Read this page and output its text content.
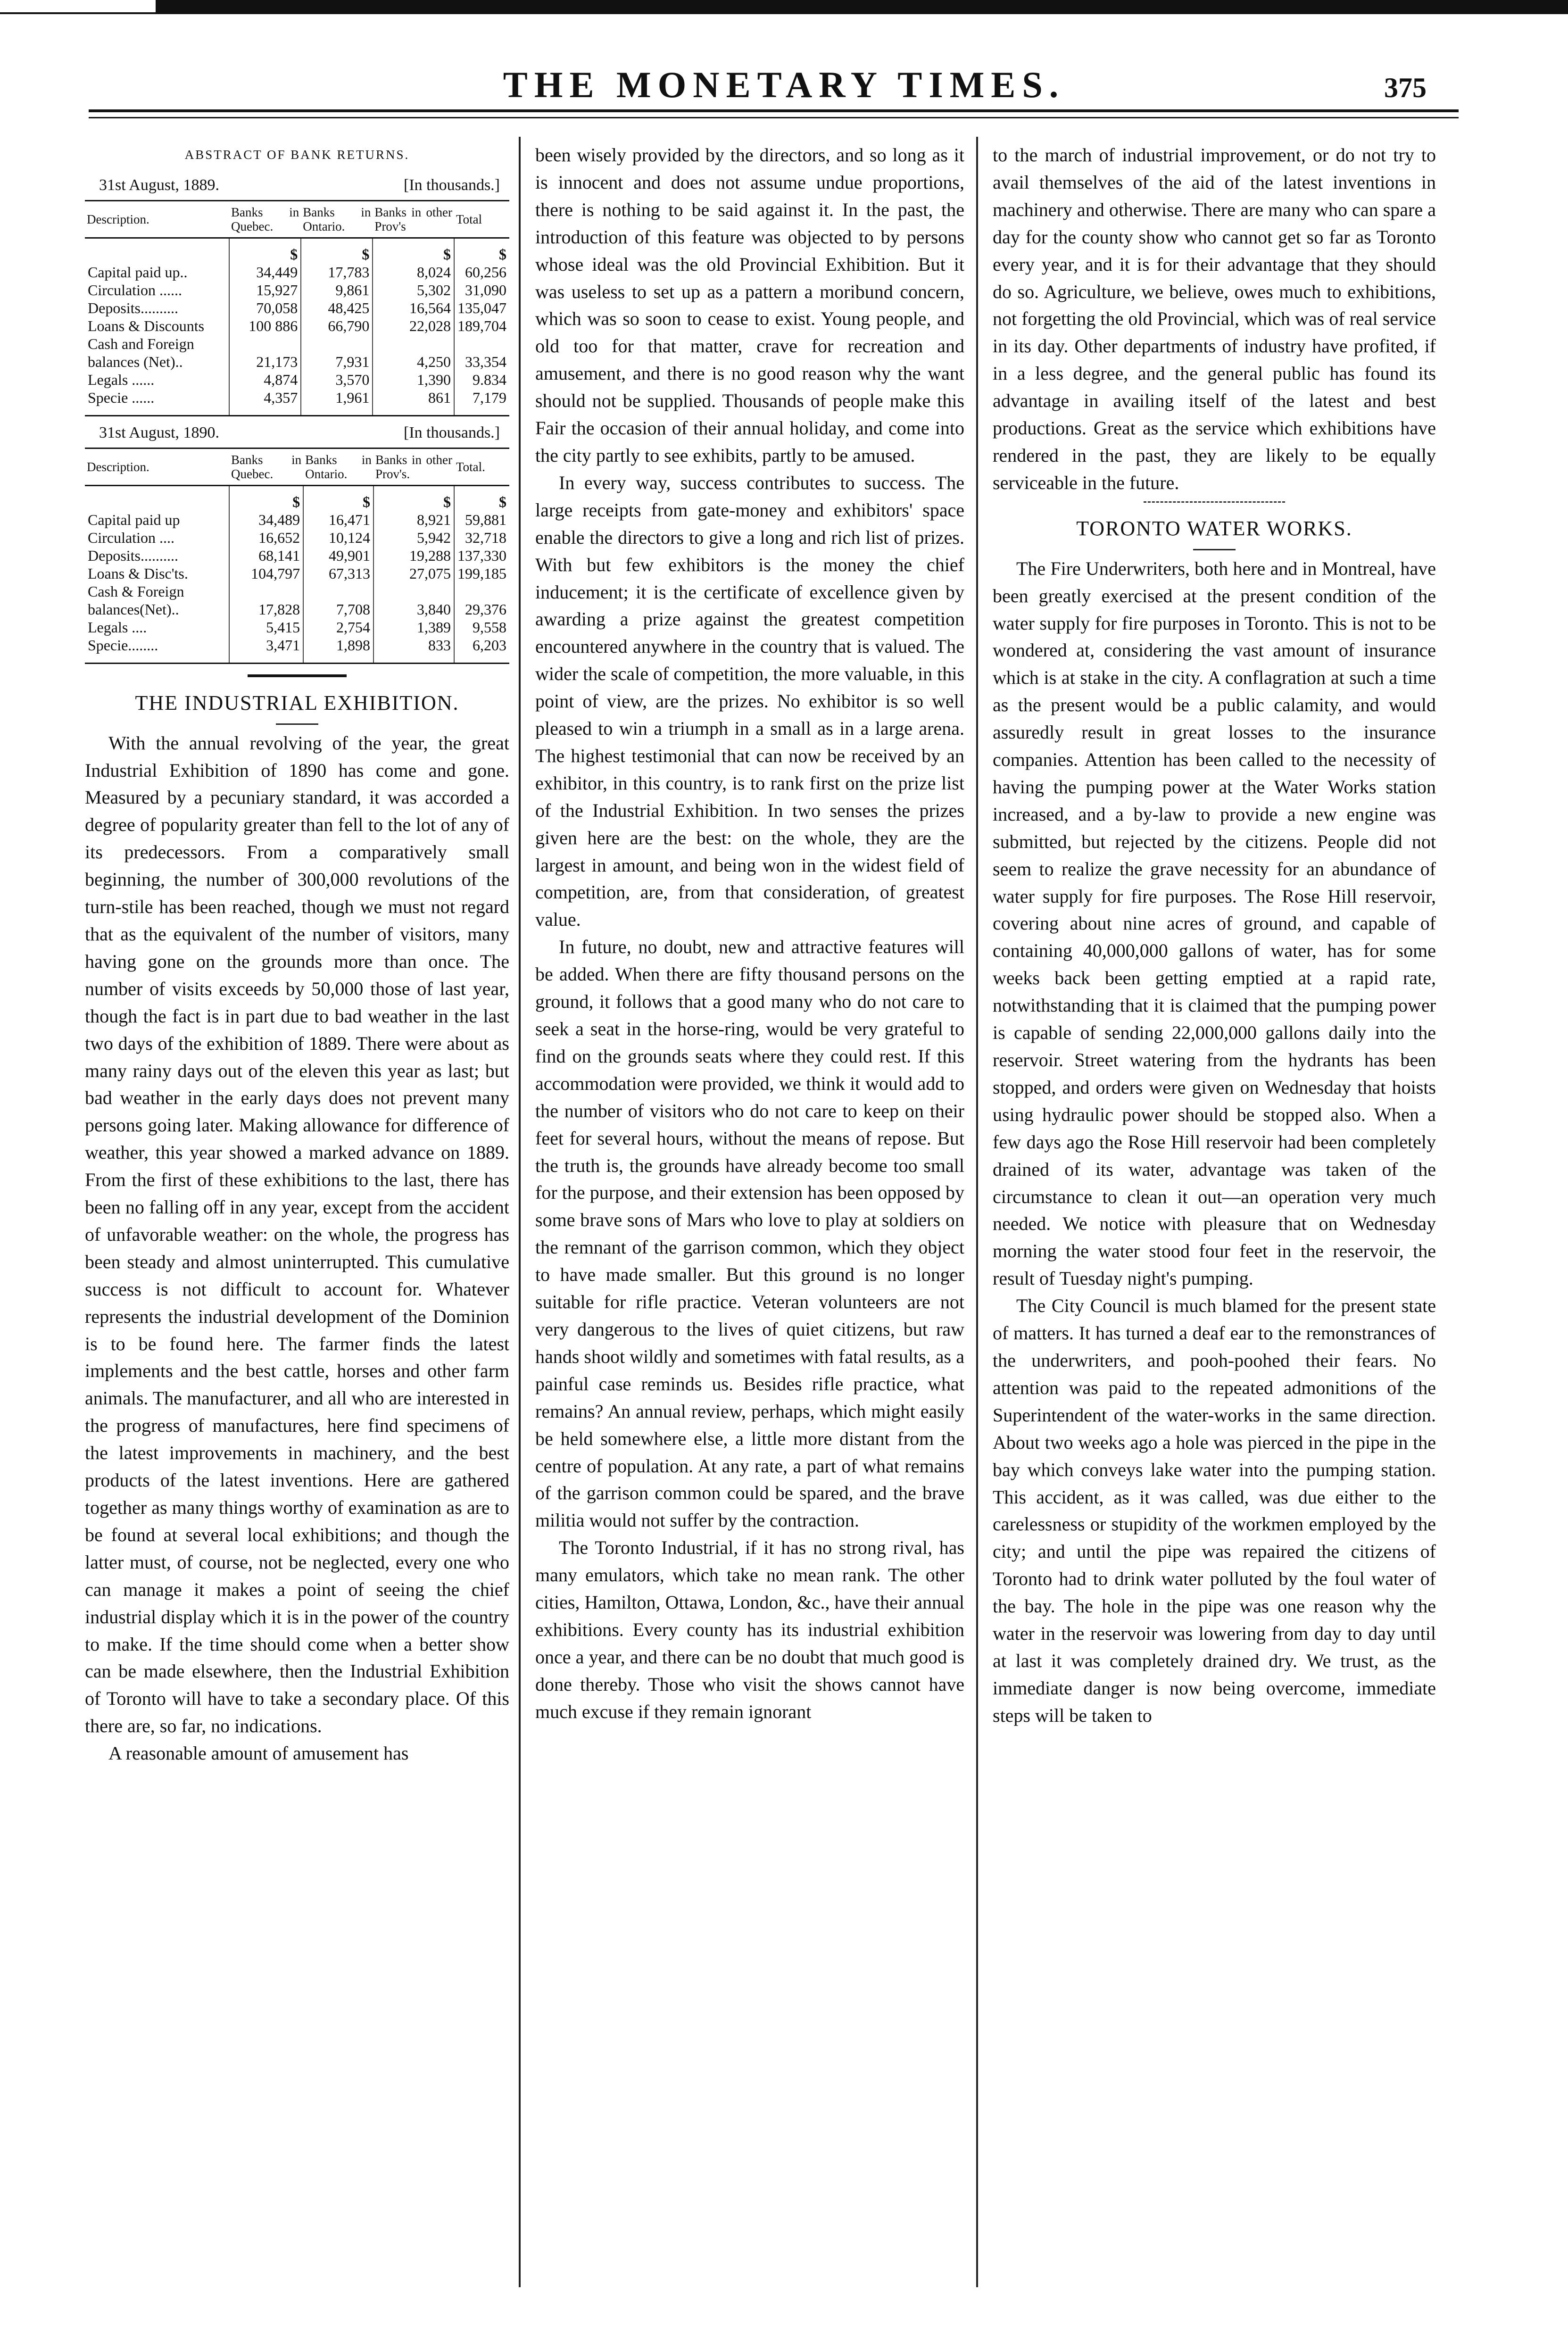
THE MONETARY TIMES.	375
ABSTRACT OF BANK RETURNS.
31st August, 1889.	[In thousands.]
Description.	Banks in Quebec.	Banks in Ontario.	Banks in other Prov's	Total
	$	$	$	$
Capital paid up..	34,449	17,783	8,024	60,256
Circulation ......	15,927	9,861	5,302	31,090
Deposits..........	70,058	48,425	16,564	135,047
Loans & Discounts	100 886	66,790	22,028	189,704
Cash and Foreign				
balances (Net)..	21,173	7,931	4,250	33,354
Legals ......	4,874	3,570	1,390	9.834
Specie ......	4,357	1,961	861	7,179
31st August, 1890.	[In thousands.]
Description.	Banks in Quebec.	Banks in Ontario.	Banks in other Prov's.	Total.
	$	$	$	$
Capital paid up	34,489	16,471	8,921	59,881
Circulation ....	16,652	10,124	5,942	32,718
Deposits..........	68,141	49,901	19,288	137,330
Loans & Disc'ts.	104,797	67,313	27,075	199,185
Cash & Foreign				
balances(Net)..	17,828	7,708	3,840	29,376
Legals ....	5,415	2,754	1,389	9,558
Specie........	3,471	1,898	833	6,203
THE INDUSTRIAL EXHIBITION.

With the annual revolving of the year, the great Industrial Exhibition of 1890 has come and gone. Measured by a pecuniary standard, it was accorded a degree of popularity greater than fell to the lot of any of its predecessors. From a comparatively small beginning, the number of 300,000 revolutions of the turn-stile has been reached, though we must not regard that as the equivalent of the number of visitors, many having gone on the grounds more than once. The number of visits exceeds by 50,000 those of last year, though the fact is in part due to bad weather in the last two days of the exhibition of 1889. There were about as many rainy days out of the eleven this year as last; but bad weather in the early days does not prevent many persons going later. Making allowance for difference of weather, this year showed a marked advance on 1889. From the first of these exhibitions to the last, there has been no falling off in any year, except from the accident of unfavorable weather: on the whole, the progress has been steady and almost uninterrupted. This cumulative success is not difficult to account for. Whatever represents the industrial development of the Dominion is to be found here. The farmer finds the latest implements and the best cattle, horses and other farm animals. The manufacturer, and all who are interested in the progress of manufactures, here find specimens of the latest improvements in machinery, and the best products of the latest inventions. Here are gathered together as many things worthy of examination as are to be found at several local exhibitions; and though the latter must, of course, not be neglected, every one who can manage it makes a point of seeing the chief industrial display which it is in the power of the country to make. If the time should come when a better show can be made elsewhere, then the Industrial Exhibition of Toronto will have to take a secondary place. Of this there are, so far, no indications.

A reasonable amount of amusement has

been wisely provided by the directors, and so long as it is innocent and does not assume undue proportions, there is nothing to be said against it. In the past, the introduction of this feature was objected to by persons whose ideal was the old Provincial Exhibition. But it was useless to set up as a pattern a moribund concern, which was so soon to cease to exist. Young people, and old too for that matter, crave for recreation and amusement, and there is no good reason why the want should not be supplied. Thousands of people make this Fair the occasion of their annual holiday, and come into the city partly to see exhibits, partly to be amused.

In every way, success contributes to success. The large receipts from gate-money and exhibitors' space enable the directors to give a long and rich list of prizes. With but few exhibitors is the money the chief inducement; it is the certificate of excellence given by awarding a prize against the greatest competition encountered anywhere in the country that is valued. The wider the scale of competition, the more valuable, in this point of view, are the prizes. No exhibitor is so well pleased to win a triumph in a small as in a large arena. The highest testimonial that can now be received by an exhibitor, in this country, is to rank first on the prize list of the Industrial Exhibition. In two senses the prizes given here are the best: on the whole, they are the largest in amount, and being won in the widest field of competition, are, from that consideration, of greatest value.

In future, no doubt, new and attractive features will be added. When there are fifty thousand persons on the ground, it follows that a good many who do not care to seek a seat in the horse-ring, would be very grateful to find on the grounds seats where they could rest. If this accommodation were provided, we think it would add to the number of visitors who do not care to keep on their feet for several hours, without the means of repose. But the truth is, the grounds have already become too small for the purpose, and their extension has been opposed by some brave sons of Mars who love to play at soldiers on the remnant of the garrison common, which they object to have made smaller. But this ground is no longer suitable for rifle practice. Veteran volunteers are not very dangerous to the lives of quiet citizens, but raw hands shoot wildly and sometimes with fatal results, as a painful case reminds us. Besides rifle practice, what remains? An annual review, perhaps, which might easily be held somewhere else, a little more distant from the centre of population. At any rate, a part of what remains of the garrison common could be spared, and the brave militia would not suffer by the contraction.

The Toronto Industrial, if it has no strong rival, has many emulators, which take no mean rank. The other cities, Hamilton, Ottawa, London, &c., have their annual exhibitions. Every county has its industrial exhibition once a year, and there can be no doubt that much good is done thereby. Those who visit the shows cannot have much excuse if they remain ignorant

to the march of industrial improvement, or do not try to avail themselves of the aid of the latest inventions in machinery and otherwise. There are many who can spare a day for the county show who cannot get so far as Toronto every year, and it is for their advantage that they should do so. Agriculture, we believe, owes much to exhibitions, not forgetting the old Provincial, which was of real service in its day. Other departments of industry have profited, if in a less degree, and the general public has found its advantage in availing itself of the latest and best productions. Great as the service which exhibitions have rendered in the past, they are likely to be equally serviceable in the future.

TORONTO WATER WORKS.

The Fire Underwriters, both here and in Montreal, have been greatly exercised at the present condition of the water supply for fire purposes in Toronto. This is not to be wondered at, considering the vast amount of insurance which is at stake in the city. A conflagration at such a time as the present would be a public calamity, and would assuredly result in great losses to the insurance companies. Attention has been called to the necessity of having the pumping power at the Water Works station increased, and a by-law to provide a new engine was submitted, but rejected by the citizens. People did not seem to realize the grave necessity for an abundance of water supply for fire purposes. The Rose Hill reservoir, covering about nine acres of ground, and capable of containing 40,000,000 gallons of water, has for some weeks back been getting emptied at a rapid rate, notwithstanding that it is claimed that the pumping power is capable of sending 22,000,000 gallons daily into the reservoir. Street watering from the hydrants has been stopped, and orders were given on Wednesday that hoists using hydraulic power should be stopped also. When a few days ago the Rose Hill reservoir had been completely drained of its water, advantage was taken of the circumstance to clean it out—an operation very much needed. We notice with pleasure that on Wednesday morning the water stood four feet in the reservoir, the result of Tuesday night's pumping.

The City Council is much blamed for the present state of matters. It has turned a deaf ear to the remonstrances of the underwriters, and pooh-poohed their fears. No attention was paid to the repeated admonitions of the Superintendent of the water-works in the same direction. About two weeks ago a hole was pierced in the pipe in the bay which conveys lake water into the pumping station. This accident, as it was called, was due either to the carelessness or stupidity of the workmen employed by the city; and until the pipe was repaired the citizens of Toronto had to drink water polluted by the foul water of the bay. The hole in the pipe was one reason why the water in the reservoir was lowering from day to day until at last it was completely drained dry. We trust, as the immediate danger is now being overcome, immediate steps will be taken to
